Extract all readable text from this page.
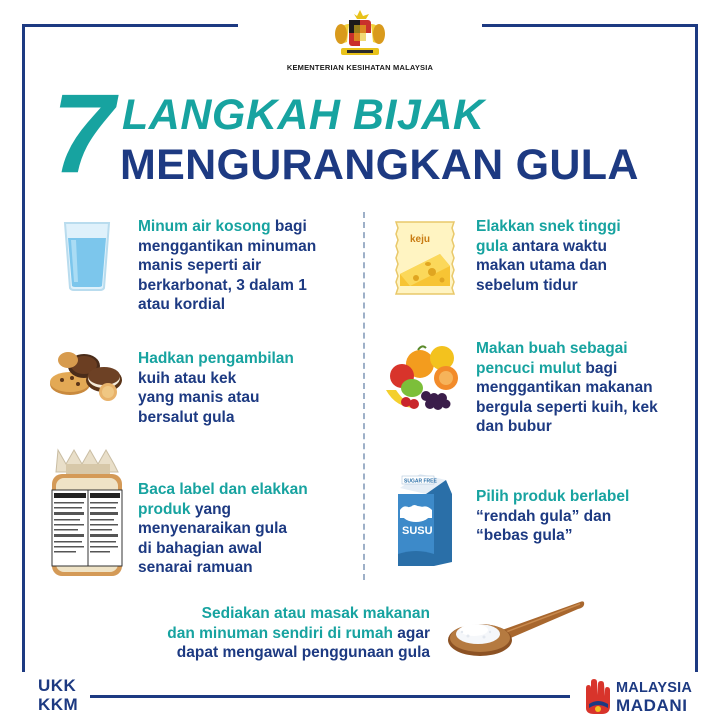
KEMENTERIAN KESIHATAN MALAYSIA
7 LANGKAH BIJAK
MENGURANGKAN GULA
keju
SUGAR FREE
SUSU
Minum air kosong bagi
menggantikan minuman
manis seperti air
berkarbonat, 3 dalam 1
atau kordial
Hadkan pengambilan
kuih atau kek
yang manis atau
bersalut gula
Baca label dan elakkan
produk yang
menyenaraikan gula
di bahagian awal
senarai ramuan
Elakkan snek tinggi
gula antara waktu
makan utama dan
sebelum tidur
Makan buah sebagai
pencuci mulut bagi
menggantikan makanan
bergula seperti kuih, kek
dan bubur
Pilih produk berlabel
“rendah gula” dan
“bebas gula”
Sediakan atau masak makanan
dan minuman sendiri di rumah agar
dapat mengawal penggunaan gula
UKK
KKM
MALAYSIA
MADANI
